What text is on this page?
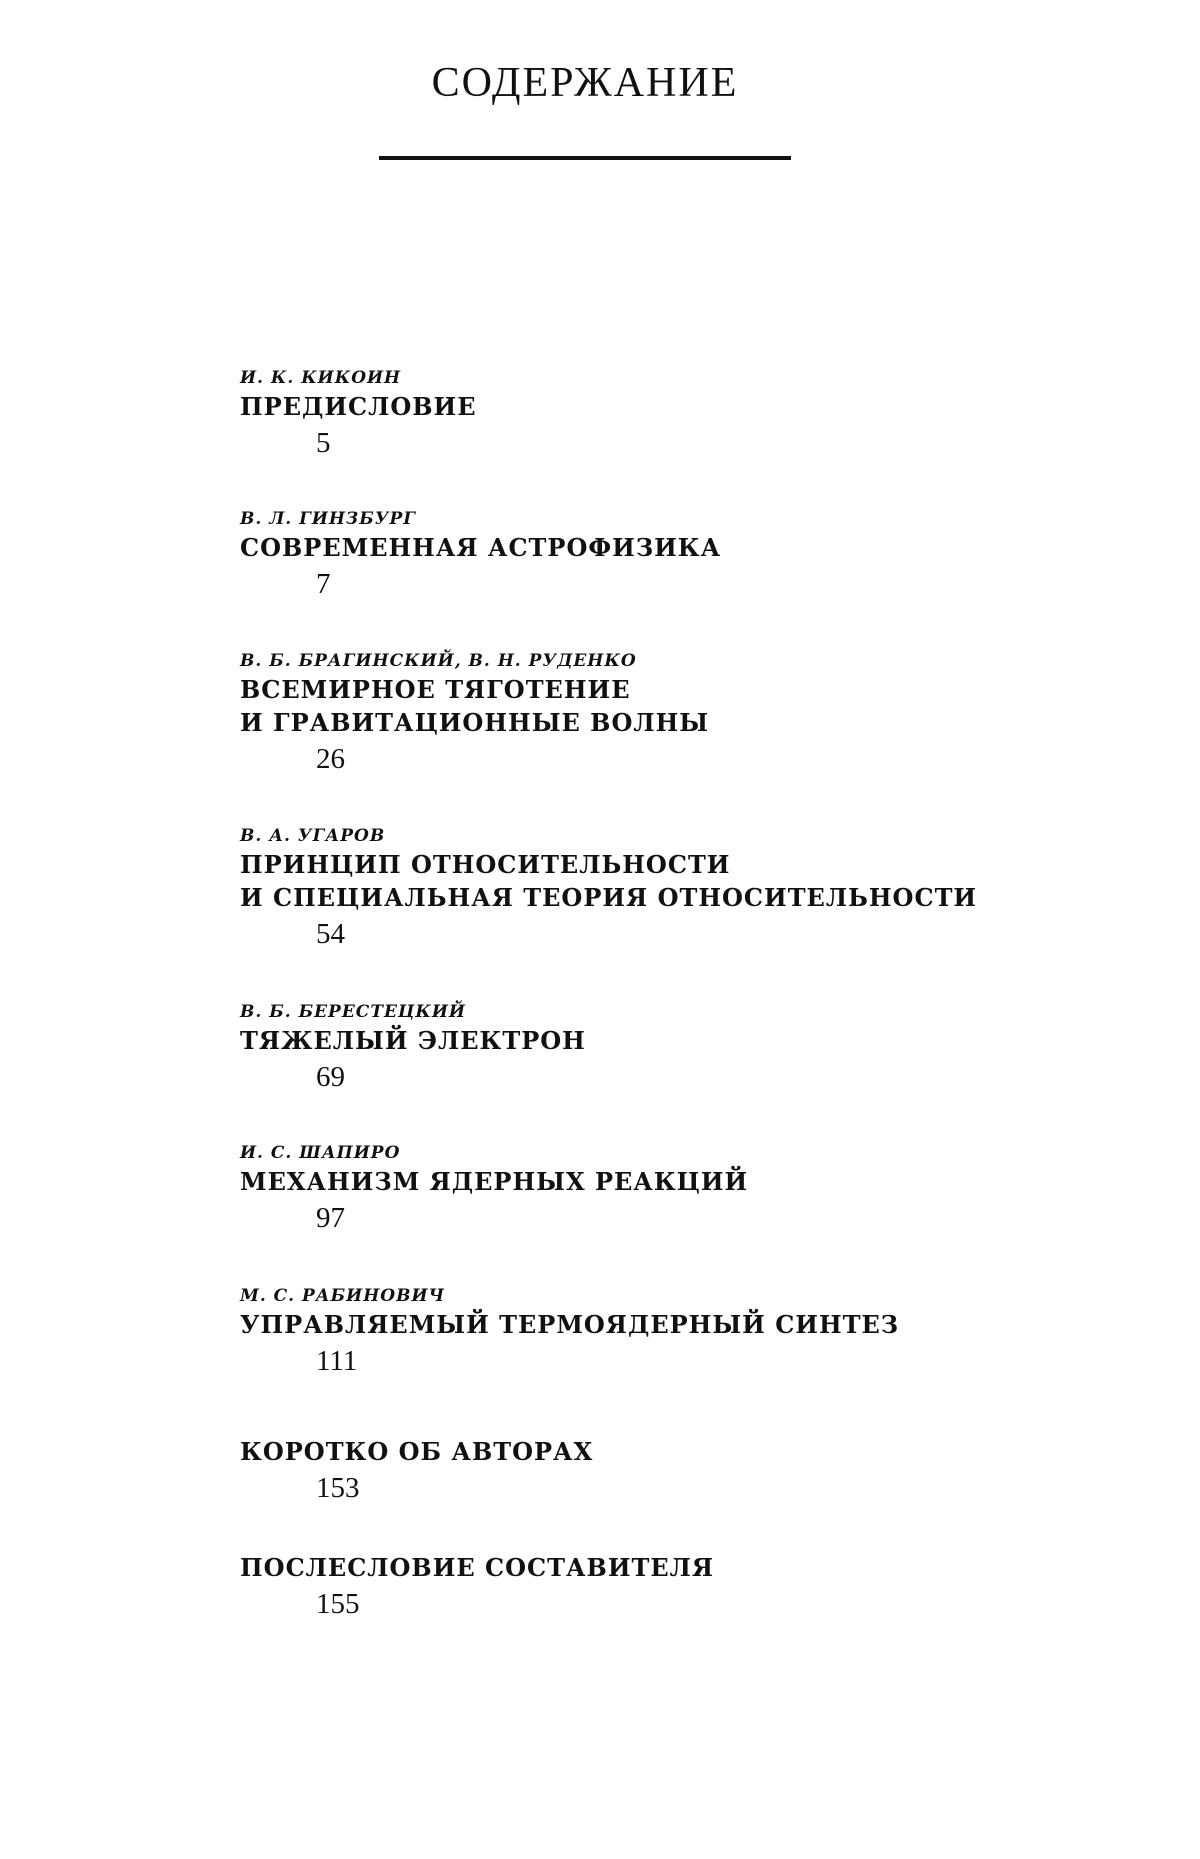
СОДЕРЖАНИЕ
И. К. КИКОИН
ПРЕДИСЛОВИЕ
5
В. Л. ГИНЗБУРГ
СОВРЕМЕННАЯ АСТРОФИЗИКА
7
В. Б. БРАГИНСКИЙ, В. Н. РУДЕНКО
ВСЕМИРНОЕ ТЯГОТЕНИЕ
И ГРАВИТАЦИОННЫЕ ВОЛНЫ
26
В. А. УГАРОВ
ПРИНЦИП ОТНОСИТЕЛЬНОСТИ
И СПЕЦИАЛЬНАЯ ТЕОРИЯ ОТНОСИТЕЛЬНОСТИ
54
В. Б. БЕРЕСТЕЦКИЙ
ТЯЖЕЛЫЙ ЭЛЕКТРОН
69
И. С. ШАПИРО
МЕХАНИЗМ ЯДЕРНЫХ РЕАКЦИЙ
97
М. С. РАБИНОВИЧ
УПРАВЛЯЕМЫЙ ТЕРМОЯДЕРНЫЙ СИНТЕЗ
111
КОРОТКО ОБ АВТОРАХ
153
ПОСЛЕСЛОВИЕ СОСТАВИТЕЛЯ
155
